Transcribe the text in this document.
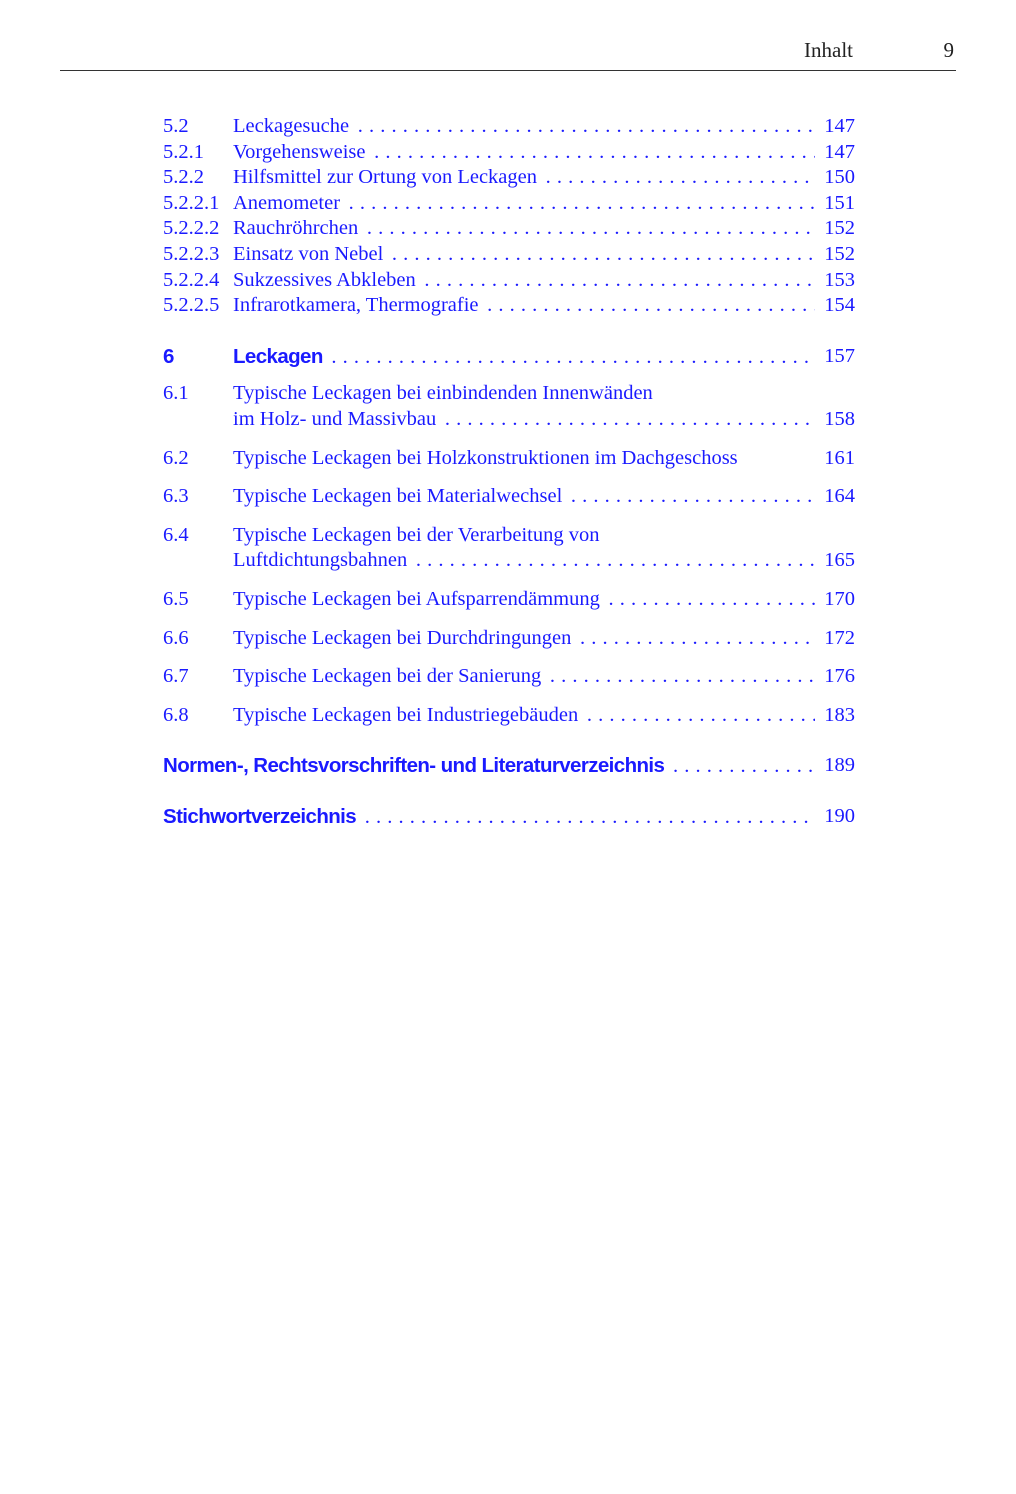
Inhalt	9
5.2 Leckagesuche . . .	147
5.2.1 Vorgehensweise . . .	147
5.2.2 Hilfsmittel zur Ortung von Leckagen . . .	150
5.2.2.1 Anemometer . . .	151
5.2.2.2 Rauchröhrchen . . .	152
5.2.2.3 Einsatz von Nebel . . .	152
5.2.2.4 Sukzessives Abkleben . . .	153
5.2.2.5 Infrarotkamera, Thermografie . . .	154
6	Leckagen . . .	157
6.1 Typische Leckagen bei einbindenden Innenwänden
im Holz- und Massivbau . . .	158
6.2 Typische Leckagen bei Holzkonstruktionen im Dachgeschoss	161
6.3 Typische Leckagen bei Materialwechsel . . .	164
6.4 Typische Leckagen bei der Verarbeitung von
Luftdichtungsbahnen . . .	165
6.5 Typische Leckagen bei Aufsparrendämmung . . .	170
6.6 Typische Leckagen bei Durchdringungen . . .	172
6.7 Typische Leckagen bei der Sanierung . . .	176
6.8 Typische Leckagen bei Industriegebäuden . . .	183
Normen-, Rechtsvorschriften- und Literaturverzeichnis . . .	189
Stichwortverzeichnis . . .	190
